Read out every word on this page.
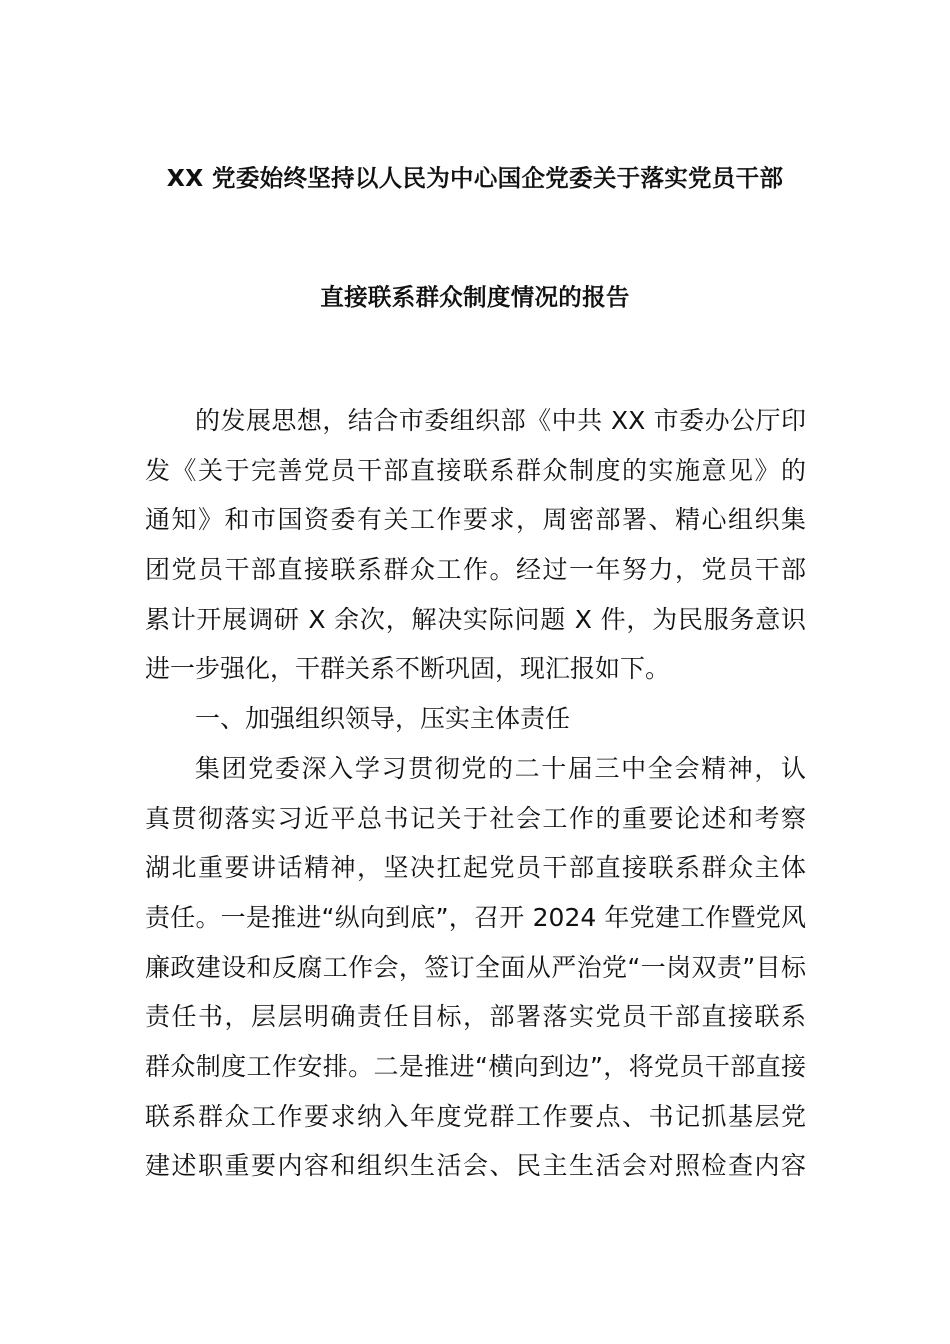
XX 党委始终坚持以人民为中心国企党委关于落实党员干部
直接联系群众制度情况的报告
的发展思想，结合市委组织部《中共 XX 市委办公厅印
发《关于完善党员干部直接联系群众制度的实施意见》的
通知》和市国资委有关工作要求，周密部署、精心组织集
团党员干部直接联系群众工作。经过一年努力，党员干部
累计开展调研 X 余次，解决实际问题 X 件，为民服务意识
进一步强化，干群关系不断巩固，现汇报如下。
一、加强组织领导，压实主体责任
集团党委深入学习贯彻党的二十届三中全会精神，认
真贯彻落实习近平总书记关于社会工作的重要论述和考察
湖北重要讲话精神，坚决扛起党员干部直接联系群众主体
责任。一是推进“纵向到底”，召开 2024 年党建工作暨党风
廉政建设和反腐工作会，签订全面从严治党“一岗双责”目标
责任书，层层明确责任目标，部署落实党员干部直接联系
群众制度工作安排。二是推进“横向到边”，将党员干部直接
联系群众工作要求纳入年度党群工作要点、书记抓基层党
建述职重要内容和组织生活会、民主生活会对照检查内容
